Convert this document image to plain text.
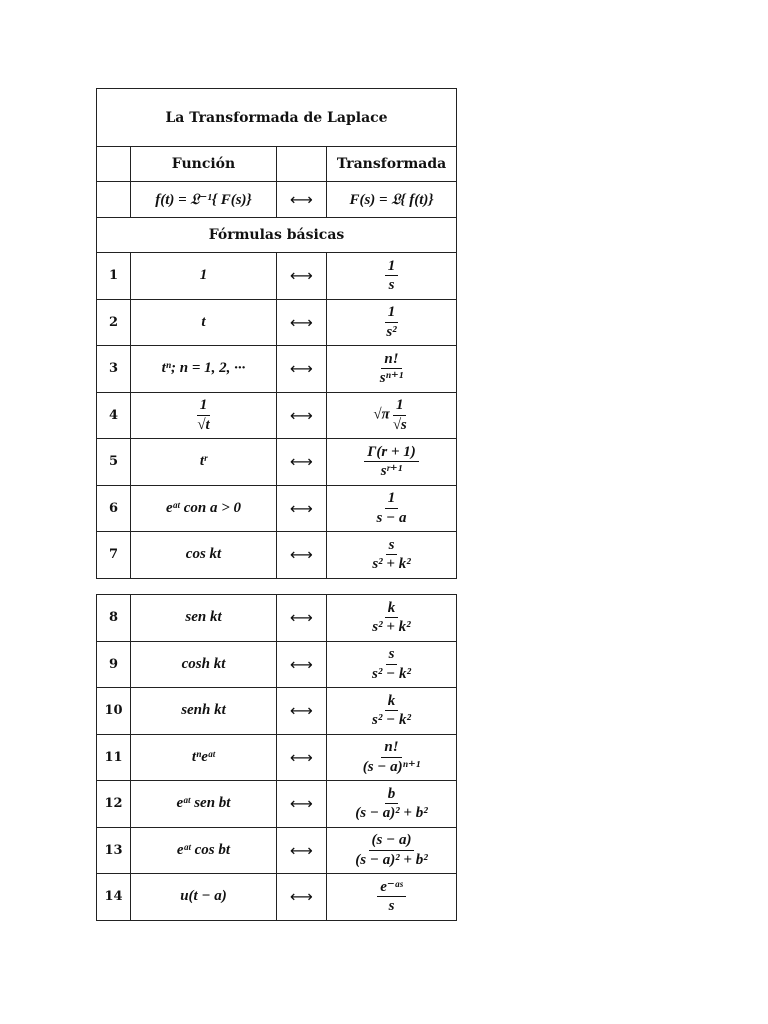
La Transformada de Laplace			
	Función		Transformada
	f(t) = 𝔏⁻¹{ F(s)}	⟷	F(s) = 𝔏{ f(t)}
Fórmulas básicas			
1	1	⟷	$\frac{1}{s}$

2	t	⟷	$\frac{1}{\text{s²}}$

3	tⁿ; n = 1, 2, ···	⟷	$\frac{n!}{\text{sⁿ⁺¹}}$

4	$\frac{1}{√t}$	⟷	$√\pi \frac{1}{√s}$

5	tʳ	⟷	$\frac{\Gamma(r + 1)}{\text{sʳ⁺¹}}$

6	eᵃᵗ con a > 0	⟷	$\frac{1}{s - a}$

7	cos kt	⟷	$\frac{s}{\text{s² + k²}}$
8	sen kt	⟷	$\frac{k}{\text{s² + k²}}$

9	cosh kt	⟷	$\frac{s}{\text{s² − k²}}$

10	senh kt	⟷	$\frac{k}{\text{s² − k²}}$

11	tⁿeᵃᵗ	⟷	$\frac{n!}{\text{(s − a)ⁿ⁺¹}}$

12	eᵃᵗ sen bt	⟷	$\frac{b}{\text{(s − a)² + b²}}$

13	eᵃᵗ cos bt	⟷	$\frac{(s - a)}{\text{(s − a)² + b²}}$

14	u(t − a)	⟷	$\frac{\text{e⁻ᵃˢ}}{s}$
